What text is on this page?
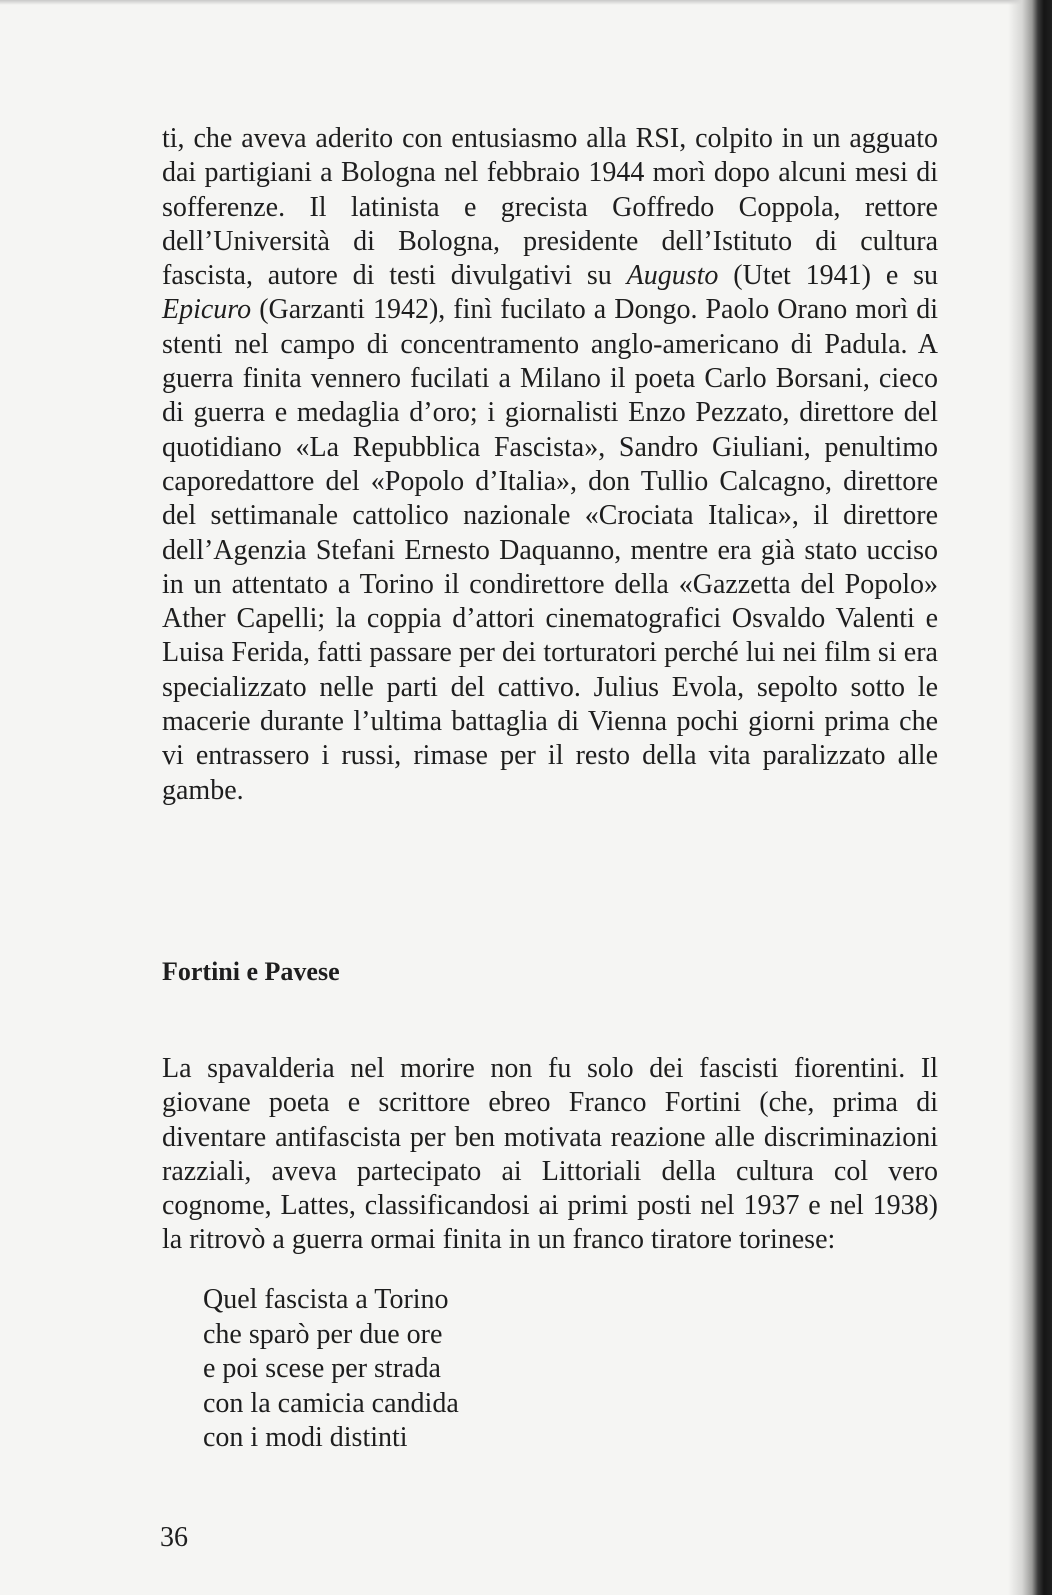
ti, che aveva aderito con entusiasmo alla RSI, colpito in un agguato dai partigiani a Bologna nel febbraio 1944 morì dopo alcuni mesi di sofferenze. Il latinista e grecista Goffredo Coppola, rettore dell’Università di Bologna, presidente dell’Istituto di cultura fascista, autore di testi divulgativi su Augusto (Utet 1941) e su Epicuro (Garzanti 1942), finì fucilato a Dongo. Paolo Orano morì di stenti nel campo di concentramento anglo-americano di Padula. A guerra finita vennero fucilati a Milano il poeta Carlo Borsani, cieco di guerra e medaglia d’oro; i giornalisti Enzo Pezzato, direttore del quotidiano «La Repubblica Fascista», Sandro Giuliani, penultimo caporedattore del «Popolo d’Italia», don Tullio Calcagno, direttore del settimanale cattolico nazionale «Crociata Italica», il direttore dell’Agenzia Stefani Ernesto Daquanno, mentre era già stato ucciso in un attentato a Torino il condirettore della «Gazzetta del Popolo» Ather Capelli; la coppia d’attori cinematografici Osvaldo Valenti e Luisa Ferida, fatti passare per dei torturatori perché lui nei film si era specializzato nelle parti del cattivo. Julius Evola, sepolto sotto le macerie durante l’ultima battaglia di Vienna pochi giorni prima che vi entrassero i russi, rimase per il resto della vita paralizzato alle gambe.

Fortini e Pavese

La spavalderia nel morire non fu solo dei fascisti fiorentini. Il giovane poeta e scrittore ebreo Franco Fortini (che, prima di diventare antifascista per ben motivata reazione alle discriminazioni razziali, aveva partecipato ai Littoriali della cultura col vero cognome, Lattes, classificandosi ai primi posti nel 1937 e nel 1938) la ritrovò a guerra ormai finita in un franco tiratore torinese:

Quel fascista a Torino
che sparò per due ore
e poi scese per strada
con la camicia candida
con i modi distinti
36
